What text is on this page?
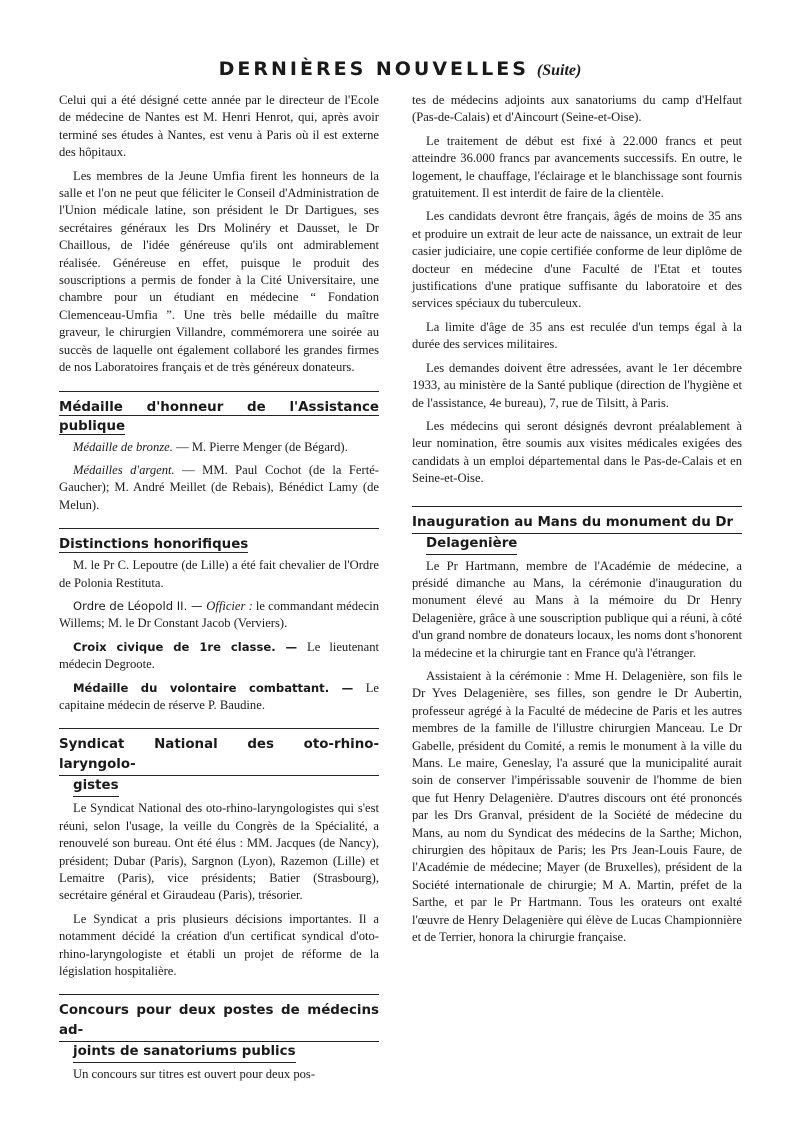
DERNIÈRES NOUVELLES (Suite)

Celui qui a été désigné cette année par le directeur de l'Ecole de médecine de Nantes est M. Henri Henrot, qui, après avoir terminé ses études à Nantes, est venu à Paris où il est externe des hôpitaux.

Les membres de la Jeune Umfia firent les honneurs de la salle et l'on ne peut que féliciter le Conseil d'Administration de l'Union médicale latine, son président le Dr Dartigues, ses secrétaires généraux les Drs Molinéry et Dausset, le Dr Chaillous, de l'idée généreuse qu'ils ont admirablement réalisée. Généreuse en effet, puisque le produit des souscriptions a permis de fonder à la Cité Universitaire, une chambre pour un étudiant en médecine “ Fondation Clemenceau-Umfia ”. Une très belle médaille du maître graveur, le chirurgien Villandre, commémorera une soirée au succès de laquelle ont également collaboré les grandes firmes de nos Laboratoires français et de très généreux donateurs.

Médaille d'honneur de l'Assistance publique

Médaille de bronze. — M. Pierre Menger (de Bégard).

Médailles d'argent. — MM. Paul Cochot (de la Ferté-Gaucher); M. André Meillet (de Rebais), Bénédict Lamy (de Melun).

Distinctions honorifiques

M. le Pr C. Lepoutre (de Lille) a été fait chevalier de l'Ordre de Polonia Restituta.

Ordre de Léopold II. — Officier : le commandant médecin Willems; M. le Dr Constant Jacob (Verviers).

Croix civique de 1re classe. — Le lieutenant médecin Degroote.

Médaille du volontaire combattant. — Le capitaine médecin de réserve P. Baudine.

Syndicat National des oto-rhino-laryngolo-
gistes

Le Syndicat National des oto-rhino-laryngologistes qui s'est réuni, selon l'usage, la veille du Congrès de la Spécialité, a renouvelé son bureau. Ont été élus : MM. Jacques (de Nancy), président; Dubar (Paris), Sargnon (Lyon), Razemon (Lille) et Lemaitre (Paris), vice présidents; Batier (Strasbourg), secrétaire général et Giraudeau (Paris), trésorier.

Le Syndicat a pris plusieurs décisions importantes. Il a notamment décidé la création d'un certificat syndical d'oto-rhino-laryngologiste et établi un projet de réforme de la législation hospitalière.

Concours pour deux postes de médecins ad-
joints de sanatoriums publics

Un concours sur titres est ouvert pour deux pos-

tes de médecins adjoints aux sanatoriums du camp d'Helfaut (Pas-de-Calais) et d'Aincourt (Seine-et-Oise).

Le traitement de début est fixé à 22.000 francs et peut atteindre 36.000 francs par avancements successifs. En outre, le logement, le chauffage, l'éclairage et le blanchissage sont fournis gratuitement. Il est interdit de faire de la clientèle.

Les candidats devront être français, âgés de moins de 35 ans et produire un extrait de leur acte de naissance, un extrait de leur casier judiciaire, une copie certifiée conforme de leur diplôme de docteur en médecine d'une Faculté de l'Etat et toutes justifications d'une pratique suffisante du laboratoire et des services spéciaux du tuberculeux.

La limite d'âge de 35 ans est reculée d'un temps égal à la durée des services militaires.

Les demandes doivent être adressées, avant le 1er décembre 1933, au ministère de la Santé publique (direction de l'hygiène et de l'assistance, 4e bureau), 7, rue de Tilsitt, à Paris.

Les médecins qui seront désignés devront préalablement à leur nomination, être soumis aux visites médicales exigées des candidats à un emploi départemental dans le Pas-de-Calais et en Seine-et-Oise.

Inauguration au Mans du monument du Dr
Delagenière

Le Pr Hartmann, membre de l'Académie de médecine, a présidé dimanche au Mans, la cérémonie d'inauguration du monument élevé au Mans à la mémoire du Dr Henry Delagenière, grâce à une souscription publique qui a réuni, à côté d'un grand nombre de donateurs locaux, les noms dont s'honorent la médecine et la chirurgie tant en France qu'à l'étranger.

Assistaient à la cérémonie : Mme H. Delagenière, son fils le Dr Yves Delagenière, ses filles, son gendre le Dr Aubertin, professeur agrégé à la Faculté de médecine de Paris et les autres membres de la famille de l'illustre chirurgien Manceau. Le Dr Gabelle, président du Comité, a remis le monument à la ville du Mans. Le maire, Geneslay, l'a assuré que la municipalité aurait soin de conserver l'impérissable souvenir de l'homme de bien que fut Henry Delagenière. D'autres discours ont été prononcés par les Drs Granval, président de la Société de médecine du Mans, au nom du Syndicat des médecins de la Sarthe; Michon, chirurgien des hôpitaux de Paris; les Prs Jean-Louis Faure, de l'Académie de médecine; Mayer (de Bruxelles), président de la Société internationale de chirurgie; M A. Martin, préfet de la Sarthe, et par le Pr Hartmann. Tous les orateurs ont exalté l'œuvre de Henry Delagenière qui élève de Lucas Championnière et de Terrier, honora la chirurgie française.
